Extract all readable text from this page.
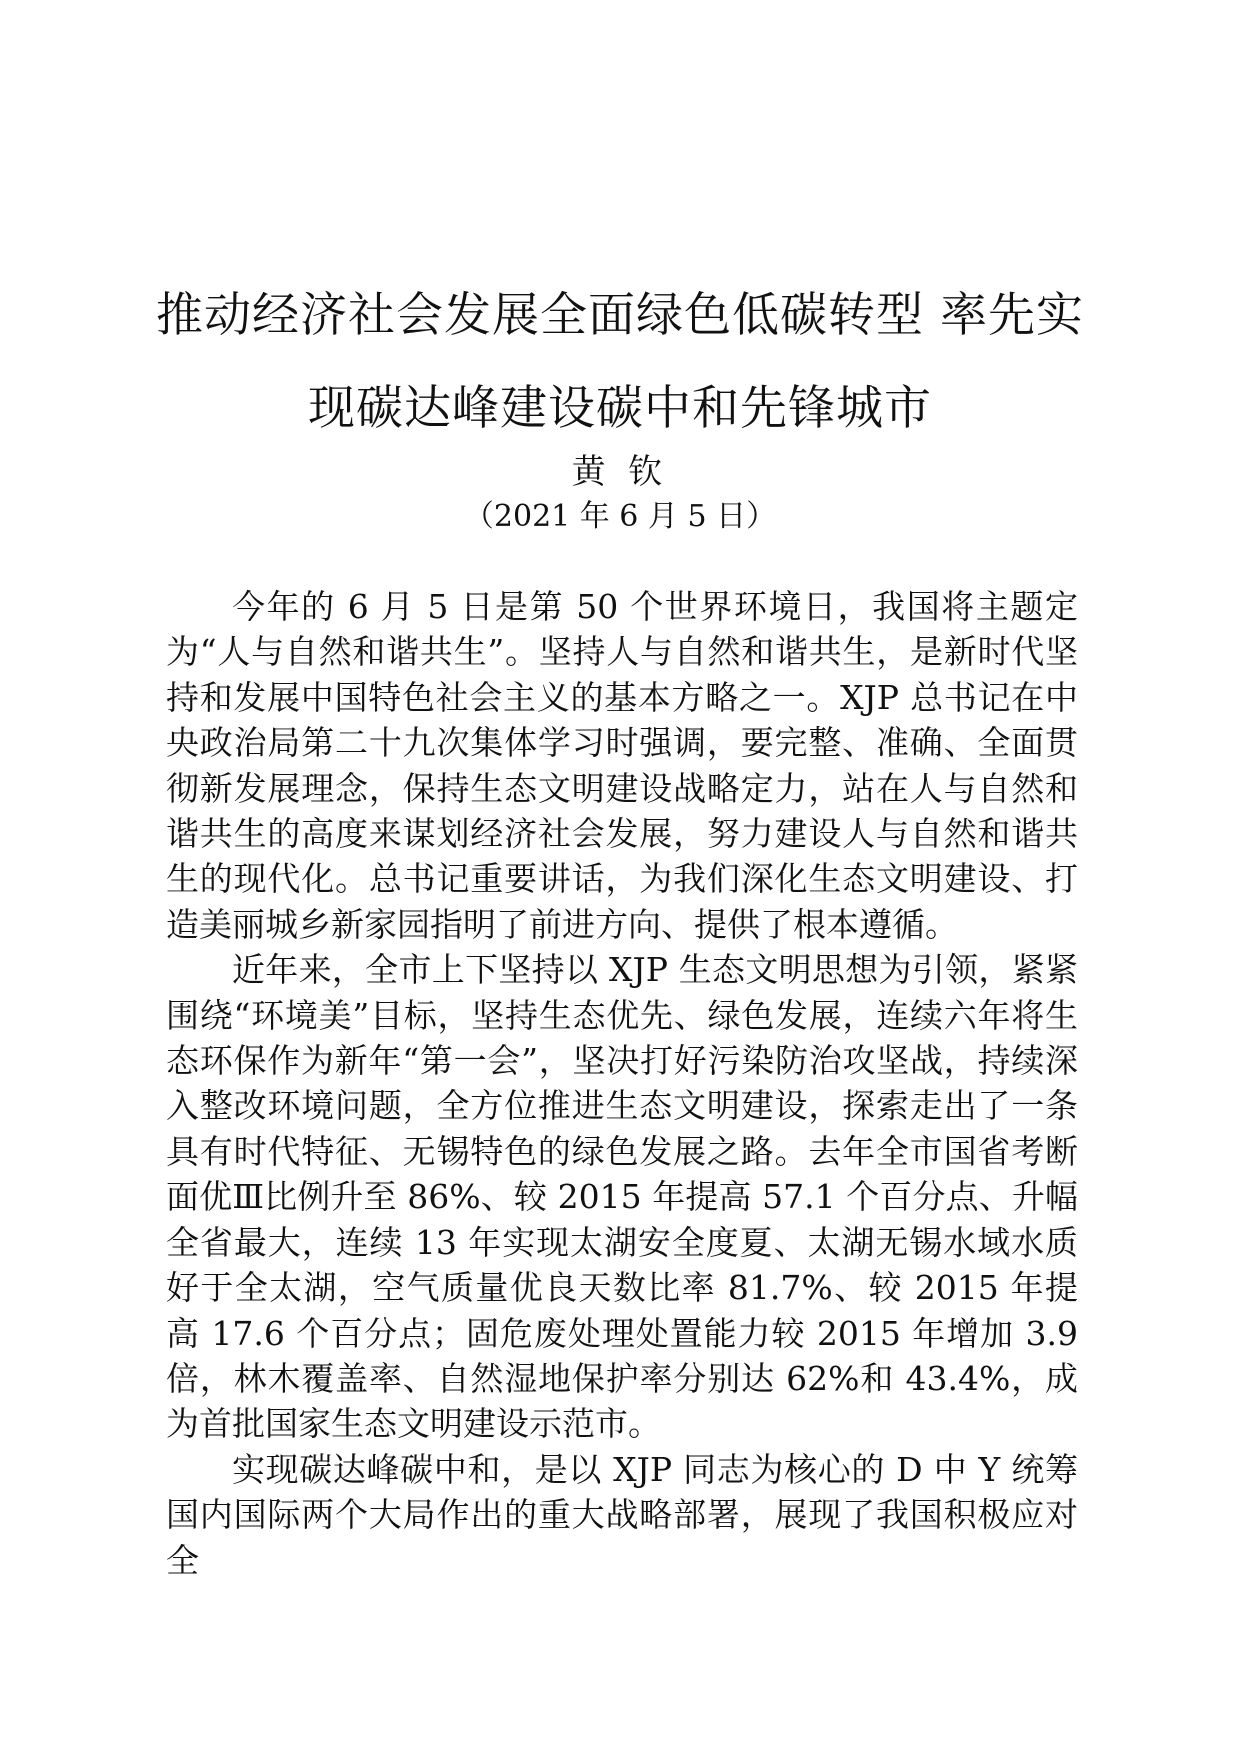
推动经济社会发展全面绿色低碳转型 率先实
现碳达峰建设碳中和先锋城市
黄 钦
（2021 年 6 月 5 日）

今年的 6 月 5 日是第 50 个世界环境日，我国将主题定为“人与自然和谐共生”。坚持人与自然和谐共生，是新时代坚持和发展中国特色社会主义的基本方略之一。XJP 总书记在中央政治局第二十九次集体学习时强调，要完整、准确、全面贯彻新发展理念，保持生态文明建设战略定力，站在人与自然和谐共生的高度来谋划经济社会发展，努力建设人与自然和谐共生的现代化。总书记重要讲话，为我们深化生态文明建设、打造美丽城乡新家园指明了前进方向、提供了根本遵循。

近年来，全市上下坚持以 XJP 生态文明思想为引领，紧紧围绕“环境美”目标，坚持生态优先、绿色发展，连续六年将生态环保作为新年“第一会”，坚决打好污染防治攻坚战，持续深入整改环境问题，全方位推进生态文明建设，探索走出了一条具有时代特征、无锡特色的绿色发展之路。去年全市国省考断面优Ⅲ比例升至 86%、较 2015 年提高 57.1 个百分点、升幅全省最大，连续 13 年实现太湖安全度夏、太湖无锡水域水质好于全太湖，空气质量优良天数比率 81.7%、较 2015 年提高 17.6 个百分点；固危废处理处置能力较 2015 年增加 3.9 倍，林木覆盖率、自然湿地保护率分别达 62%和 43.4%，成为首批国家生态文明建设示范市。

实现碳达峰碳中和，是以 XJP 同志为核心的 D 中 Y 统筹国内国际两个大局作出的重大战略部署，展现了我国积极应对全
